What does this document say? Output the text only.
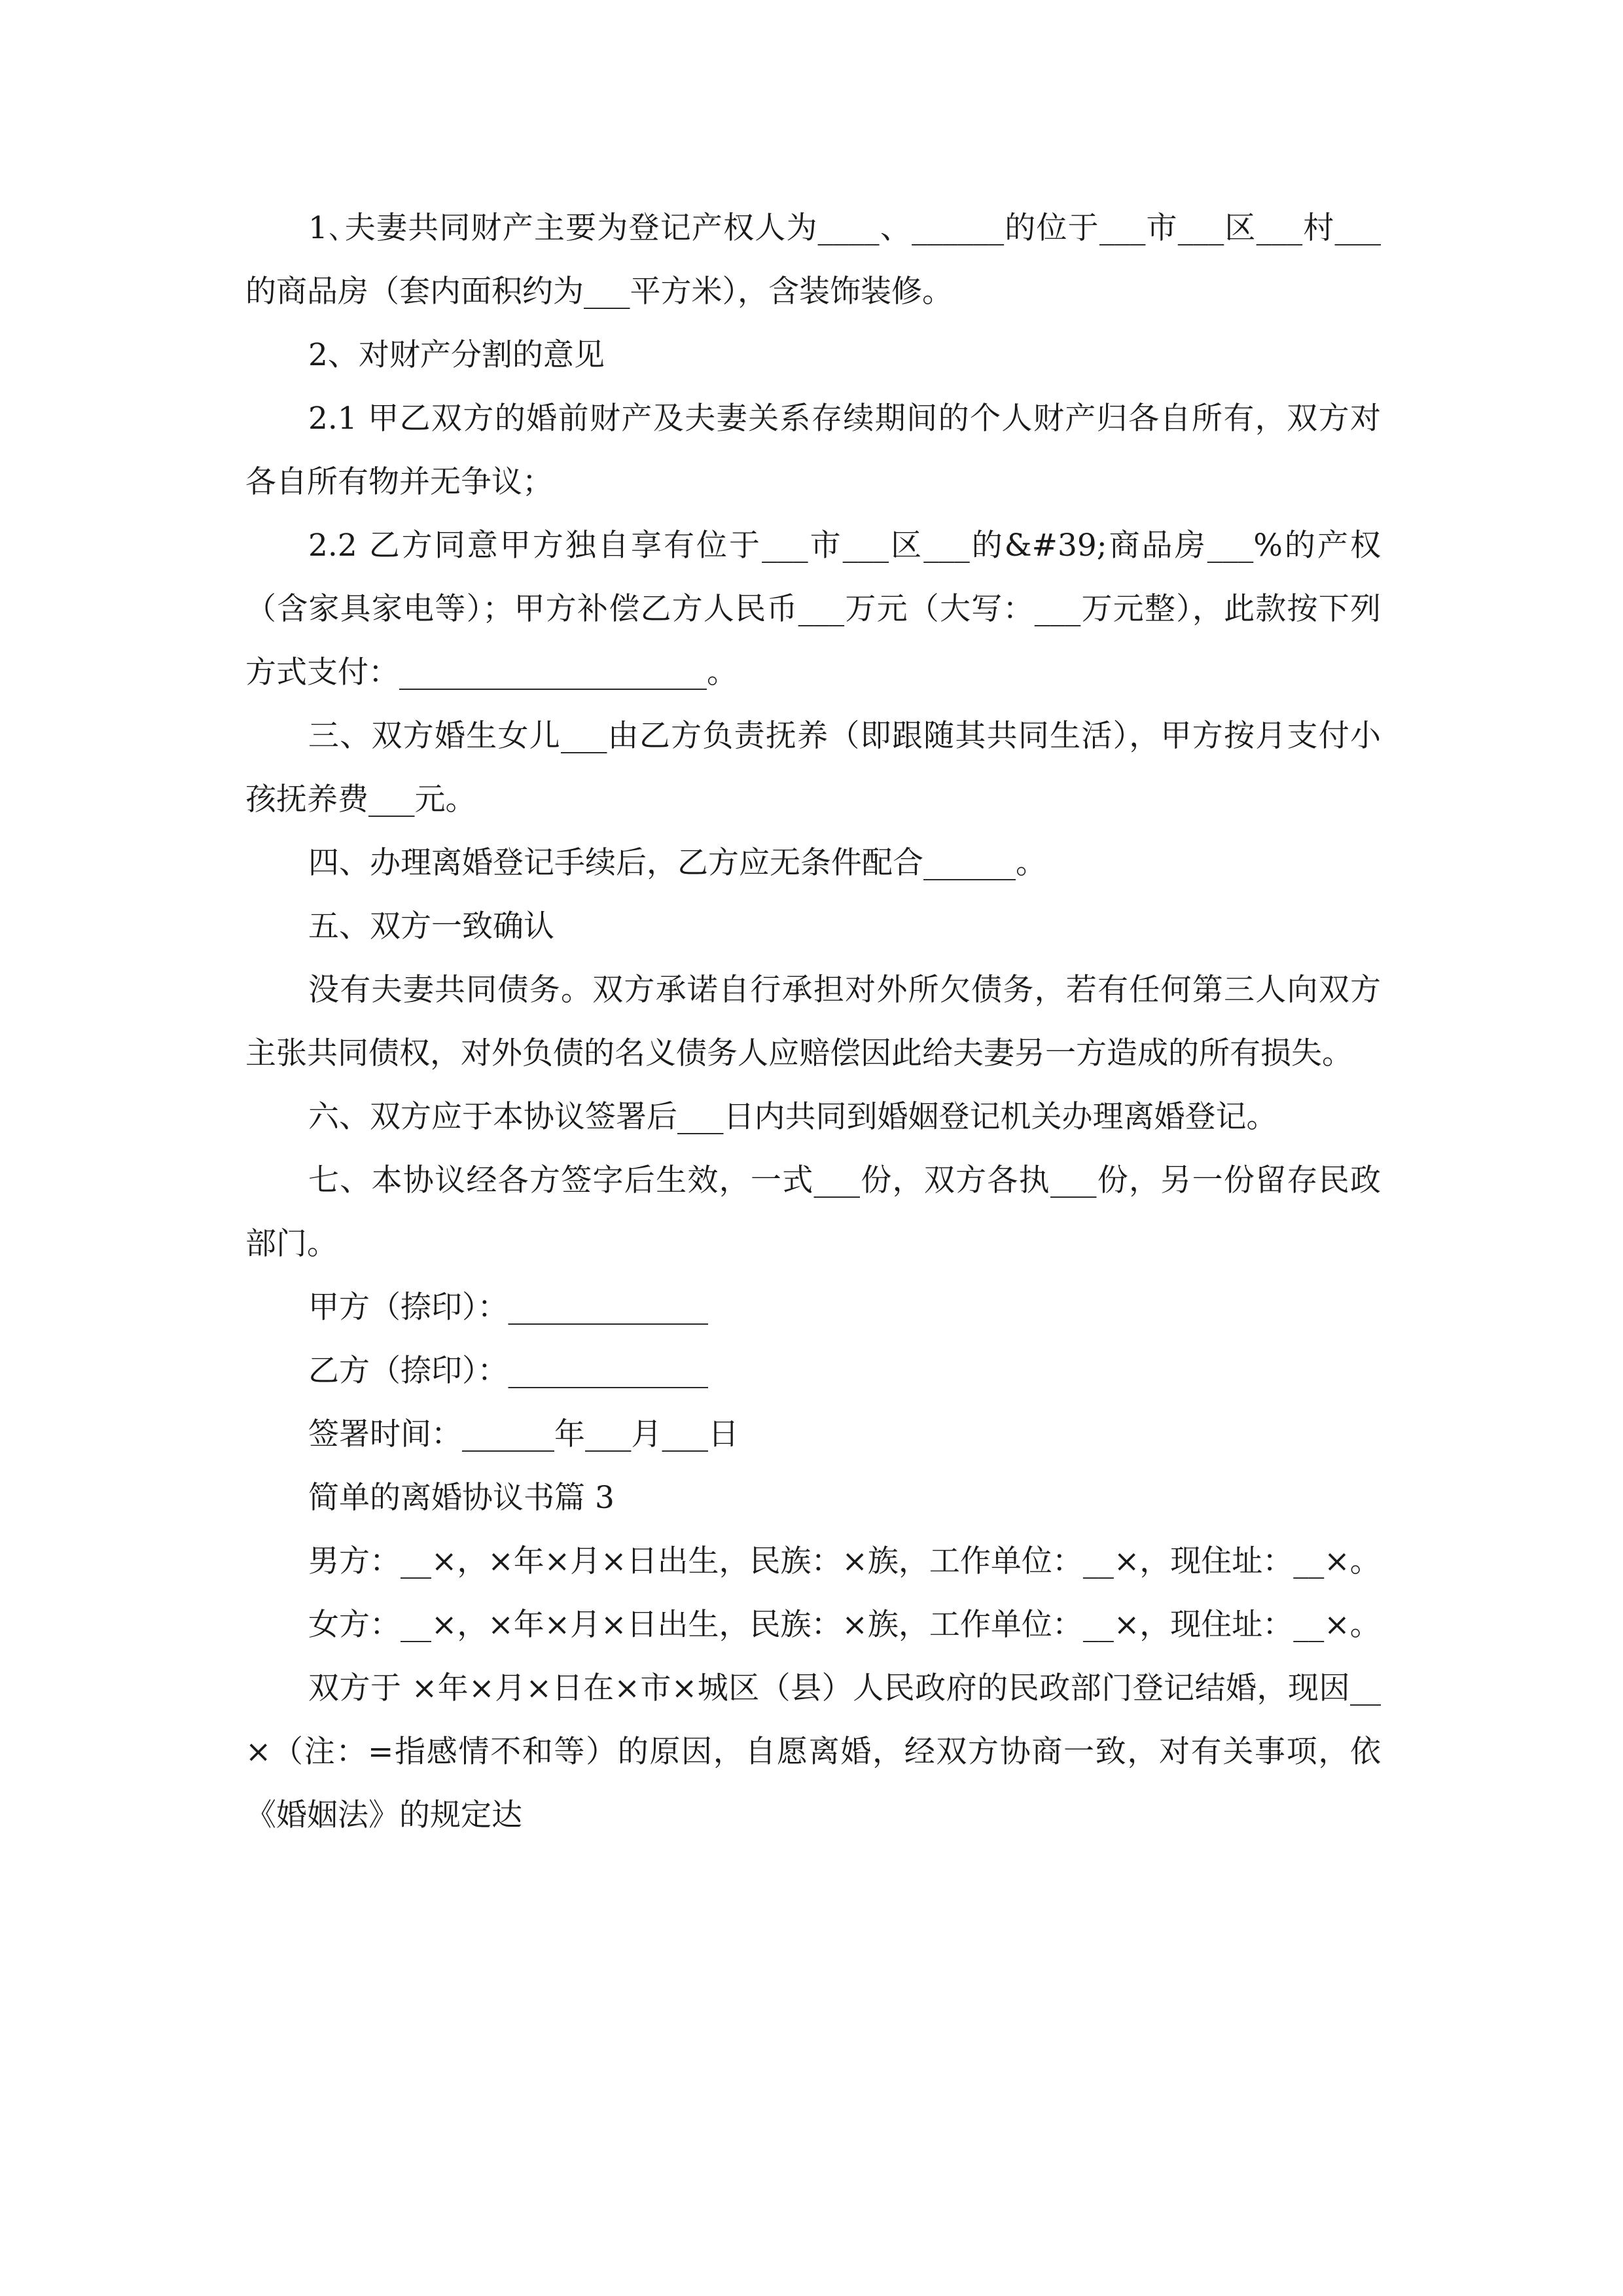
1､夫妻共同财产主要为登记产权人为____、______的位于___市___区___村___的商品房（套内面积约为___平方米），含装饰装修。

2、对财产分割的意见

2.1 甲乙双方的婚前财产及夫妻关系存续期间的个人财产归各自所有，双方对各自所有物并无争议；

2.2 乙方同意甲方独自享有位于___市___区___的&#39;商品房___%的产权（含家具家电等）；甲方补偿乙方人民币___万元（大写：___万元整），此款按下列方式支付：____________________。

三、双方婚生女儿___由乙方负责抚养（即跟随其共同生活），甲方按月支付小孩抚养费___元。

四、办理离婚登记手续后，乙方应无条件配合______。

五、双方一致确认

没有夫妻共同债务。双方承诺自行承担对外所欠债务，若有任何第三人向双方主张共同债权，对外负债的名义债务人应赔偿因此给夫妻另一方造成的所有损失。

六、双方应于本协议签署后___日内共同到婚姻登记机关办理离婚登记。

七、本协议经各方签字后生效，一式___份，双方各执___份，另一份留存民政部门。

甲方（捺印）：_____________

乙方（捺印）：_____________

签署时间：______年___月___日

简单的离婚协议书篇 3

男方：__×，×年×月×日出生，民族：×族，工作单位：__×，现住址：__×。

女方：__×，×年×月×日出生，民族：×族，工作单位：__×，现住址：__×。

双方于 ×年×月×日在×市×城区（县）人民政府的民政部门登记结婚，现因__×（注：=指感情不和等）的原因，自愿离婚，经双方协商一致，对有关事项，依《婚姻法》的规定达
